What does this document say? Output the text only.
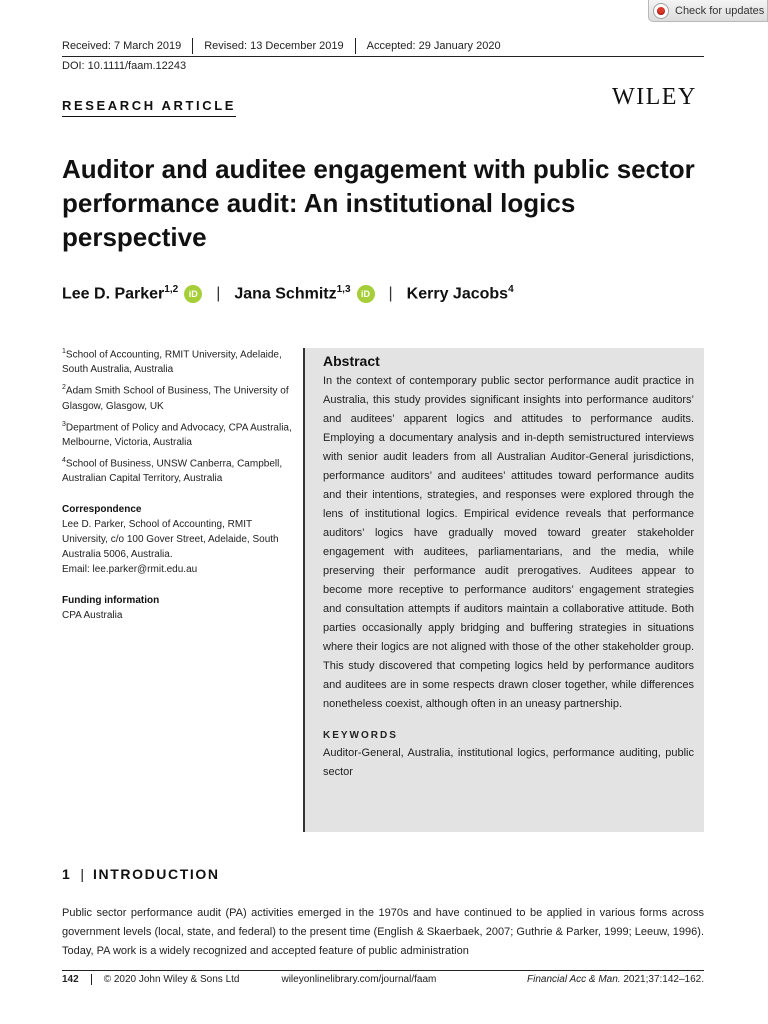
Check for updates
Received: 7 March 2019	Revised: 13 December 2019	Accepted: 29 January 2020
DOI: 10.1111/faam.12243
RESEARCH ARTICLE	WILEY
Auditor and auditee engagement with public sector performance audit: An institutional logics perspective
Lee D. Parker$^{1,2}$	iD | Jana Schmitz$^{1,3}$	iD | Kerry Jacobs$^4$
$^1$School of Accounting, RMIT University, Adelaide, South Australia, Australia
$^2$Adam Smith School of Business, The University of Glasgow, Glasgow, UK
$^3$Department of Policy and Advocacy, CPA Australia, Melbourne, Victoria, Australia
$^4$School of Business, UNSW Canberra, Campbell, Australian Capital Territory, Australia
Correspondence
Lee D. Parker, School of Accounting, RMIT University, c/o 100 Gover Street, Adelaide, South Australia 5006, Australia.
Email: lee.parker@rmit.edu.au
Funding information
CPA Australia
Abstract

In the context of contemporary public sector performance audit practice in Australia, this study provides significant insights into performance auditors’ and auditees’ apparent logics and attitudes to performance audits. Employing a documentary analysis and in-depth semistructured interviews with senior audit leaders from all Australian Auditor-General jurisdictions, performance auditors’ and auditees’ attitudes toward performance audits and their intentions, strategies, and responses were explored through the lens of institutional logics. Empirical evidence reveals that performance auditors’ logics have gradually moved toward greater stakeholder engagement with auditees, parliamentarians, and the media, while preserving their performance audit prerogatives. Auditees appear to become more receptive to performance auditors’ engagement strategies and consultation attempts if auditors maintain a collaborative attitude. Both parties occasionally apply bridging and buffering strategies in situations where their logics are not aligned with those of the other stakeholder group. This study discovered that competing logics held by performance auditors and auditees are in some respects drawn closer together, while differences nonetheless coexist, although often in an uneasy partnership.

KEYWORDS

Auditor-General, Australia, institutional logics, performance auditing, public sector

1 | INTRODUCTION

Public sector performance audit (PA) activities emerged in the 1970s and have continued to be applied in various forms across government levels (local, state, and federal) to the present time (English & Skaerbaek, 2007; Guthrie & Parker, 1999; Leeuw, 1996). Today, PA work is a widely recognized and accepted feature of public administration

142	© 2020 John Wiley & Sons Ltd	wileyonlinelibrary.com/journal/faam	Financial Acc & Man. 2021;37:142–162.
